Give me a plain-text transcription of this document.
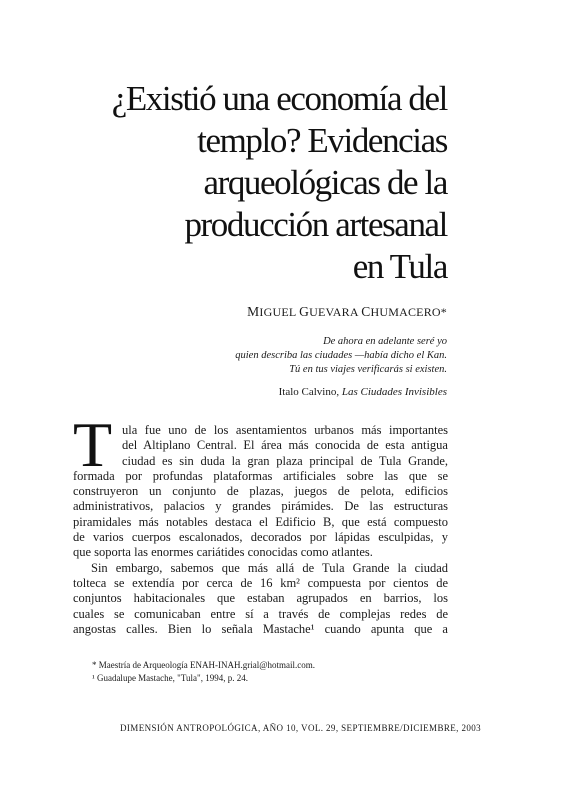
¿Existió una economía del
templo? Evidencias
arqueológicas de la
producción artesanal
en Tula
MIGUEL GUEVARA CHUMACERO*
De ahora en adelante seré yo
quien describa las ciudades —había dicho el Kan.
Tú en tus viajes verificarás si existen.
Italo Calvino, Las Ciudades Invisibles
T ula fue uno de los asentamientos urbanos más importantes
del Altiplano Central. El área más conocida de esta antigua
ciudad es sin duda la gran plaza principal de Tula Grande,
formada por profundas plataformas artificiales sobre las que se
construyeron un conjunto de plazas, juegos de pelota, edificios
administrativos, palacios y grandes pirámides. De las estructuras
piramidales más notables destaca el Edificio B, que está compuesto
de varios cuerpos escalonados, decorados por lápidas esculpidas, y
que soporta las enormes cariátides conocidas como atlantes.
Sin embargo, sabemos que más allá de Tula Grande la ciudad
tolteca se extendía por cerca de 16 km² compuesta por cientos de
conjuntos habitacionales que estaban agrupados en barrios, los
cuales se comunicaban entre sí a través de complejas redes de
angostas calles. Bien lo señala Mastache¹ cuando apunta que a
* Maestría de Arqueología ENAH-INAH.grial@hotmail.com.
¹ Guadalupe Mastache, "Tula", 1994, p. 24.
DIMENSIÓN ANTROPOLÓGICA, AÑO 10, VOL. 29, SEPTIEMBRE/DICIEMBRE, 2003
